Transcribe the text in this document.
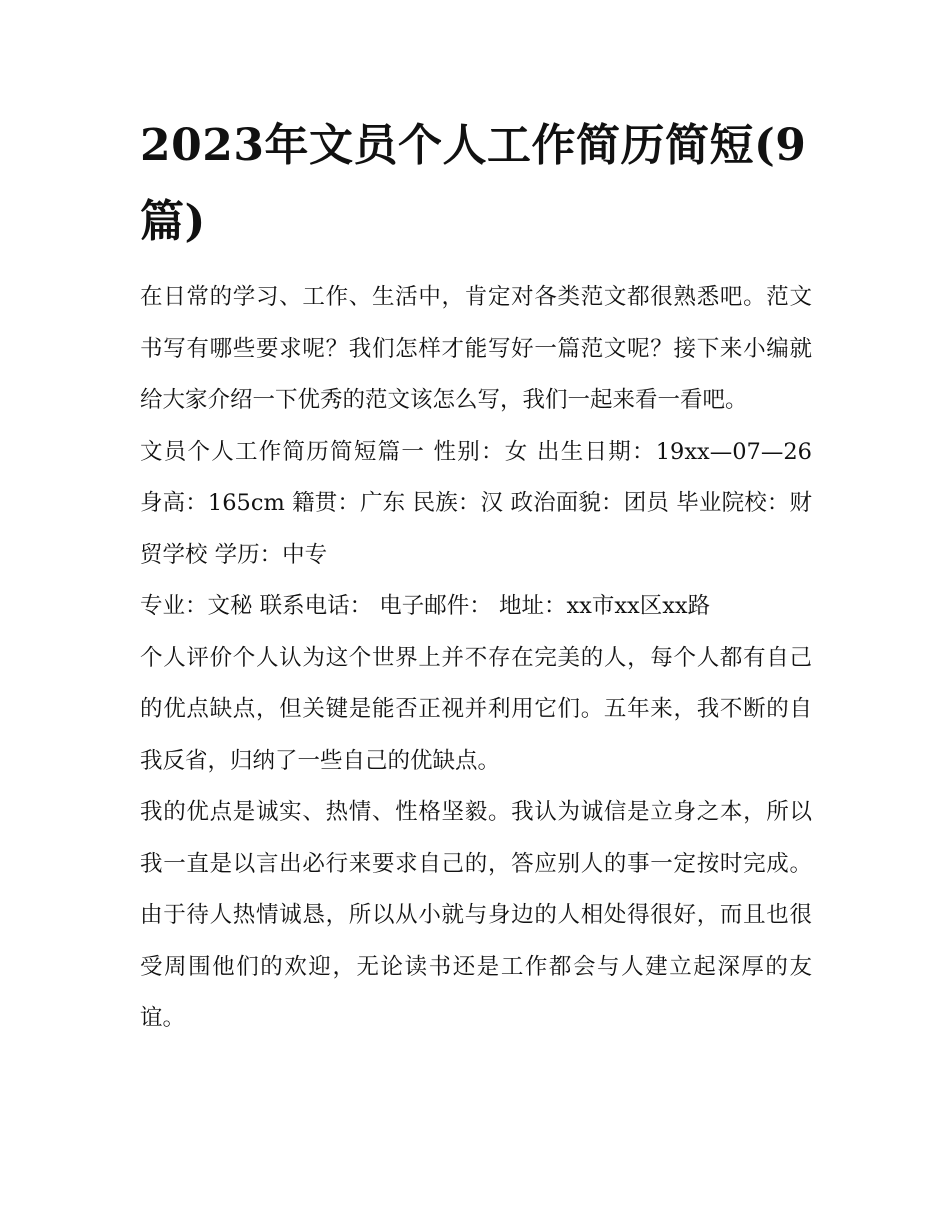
2023年文员个人工作简历简短(9篇)

在日常的学习、工作、生活中，肯定对各类范文都很熟悉吧。范文书写有哪些要求呢？我们怎样才能写好一篇范文呢？接下来小编就给大家介绍一下优秀的范文该怎么写，我们一起来看一看吧。

文员个人工作简历简短篇一 性别：女 出生日期：19xx—07—26 身高：165cm 籍贯：广东 民族：汉 政治面貌：团员 毕业院校：财贸学校 学历：中专

专业：文秘 联系电话： 电子邮件： 地址：xx市xx区xx路

个人评价个人认为这个世界上并不存在完美的人，每个人都有自己的优点缺点，但关键是能否正视并利用它们。五年来，我不断的自我反省，归纳了一些自己的优缺点。

我的优点是诚实、热情、性格坚毅。我认为诚信是立身之本，所以我一直是以言出必行来要求自己的，答应别人的事一定按时完成。由于待人热情诚恳，所以从小就与身边的人相处得很好，而且也很受周围他们的欢迎，无论读书还是工作都会与人建立起深厚的友谊。
